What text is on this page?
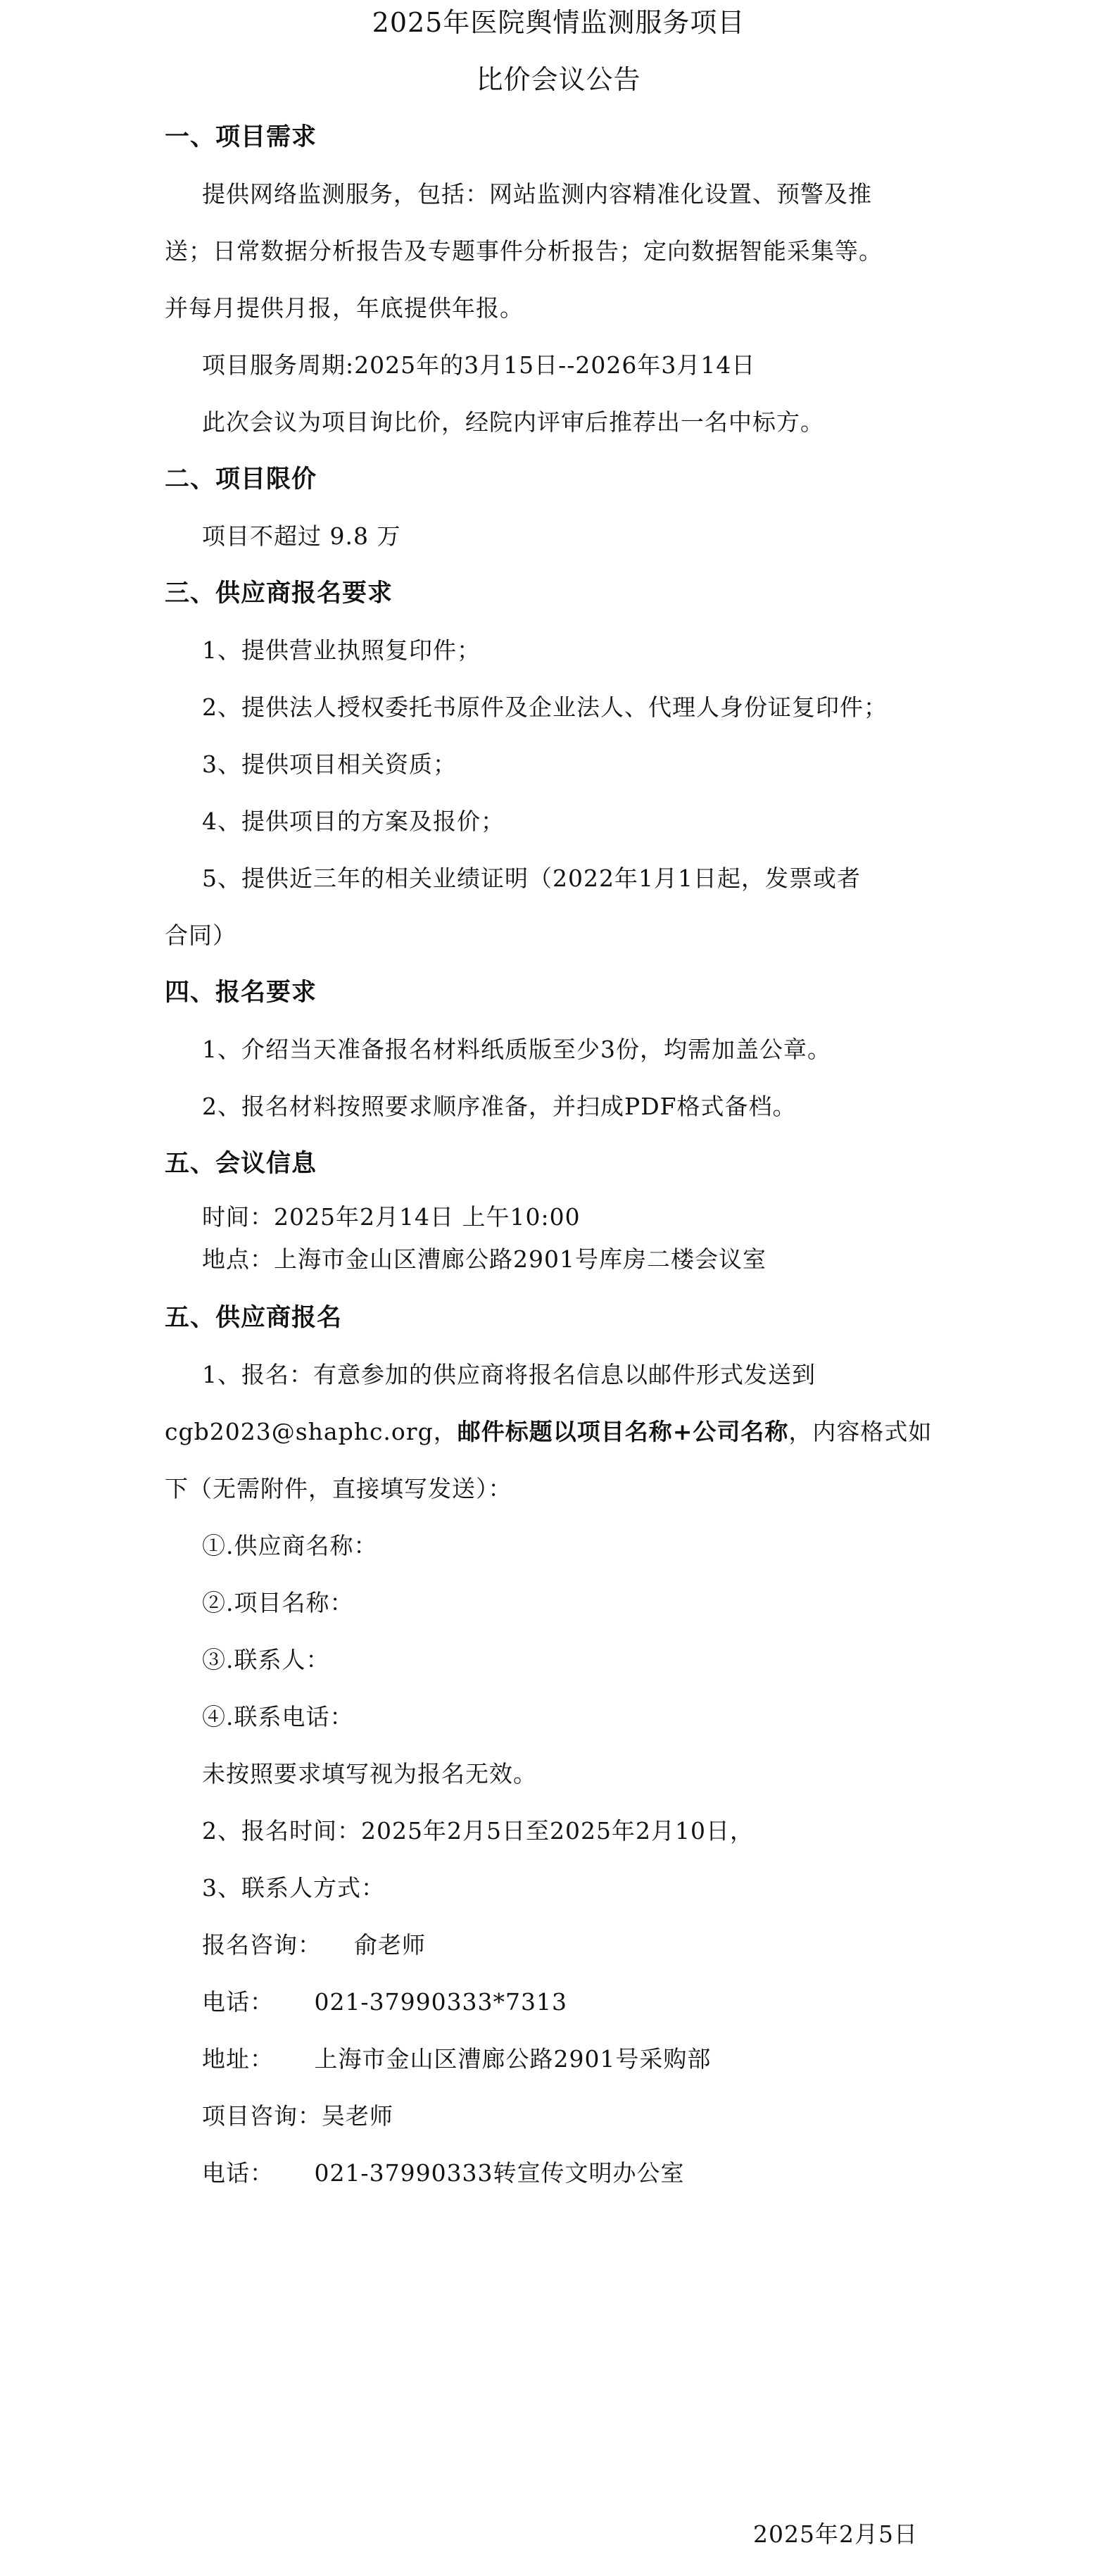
2025年医院舆情监测服务项目
比价会议公告
一、项目需求
提供网络监测服务，包括：网站监测内容精准化设置、预警及推
送；日常数据分析报告及专题事件分析报告；定向数据智能采集等。
并每月提供月报，年底提供年报。
项目服务周期:2025年的3月15日--2026年3月14日
此次会议为项目询比价，经院内评审后推荐出一名中标方。
二、项目限价
项目不超过 9.8 万
三、供应商报名要求
1、提供营业执照复印件；
2、提供法人授权委托书原件及企业法人、代理人身份证复印件；
3、提供项目相关资质；
4、提供项目的方案及报价；
5、提供近三年的相关业绩证明（2022年1月1日起，发票或者
合同）
四、报名要求
1、介绍当天准备报名材料纸质版至少3份，均需加盖公章。
2、报名材料按照要求顺序准备，并扫成PDF格式备档。
五、会议信息
时间：2025年2月14日 上午10:00
地点：上海市金山区漕廊公路2901号库房二楼会议室
五、供应商报名
1、报名：有意参加的供应商将报名信息以邮件形式发送到
cgb2023@shaphc.org，邮件标题以项目名称+公司名称，内容格式如
下（无需附件，直接填写发送）：
①.供应商名称：
②.项目名称：
③.联系人：
④.联系电话：
未按照要求填写视为报名无效。
2、报名时间：2025年2月5日至2025年2月10日，
3、联系人方式：
报名咨询：    俞老师
电话：     021-37990333*7313
地址：     上海市金山区漕廊公路2901号采购部
项目咨询：吴老师
电话：     021-37990333转宣传文明办公室
2025年2月5日
